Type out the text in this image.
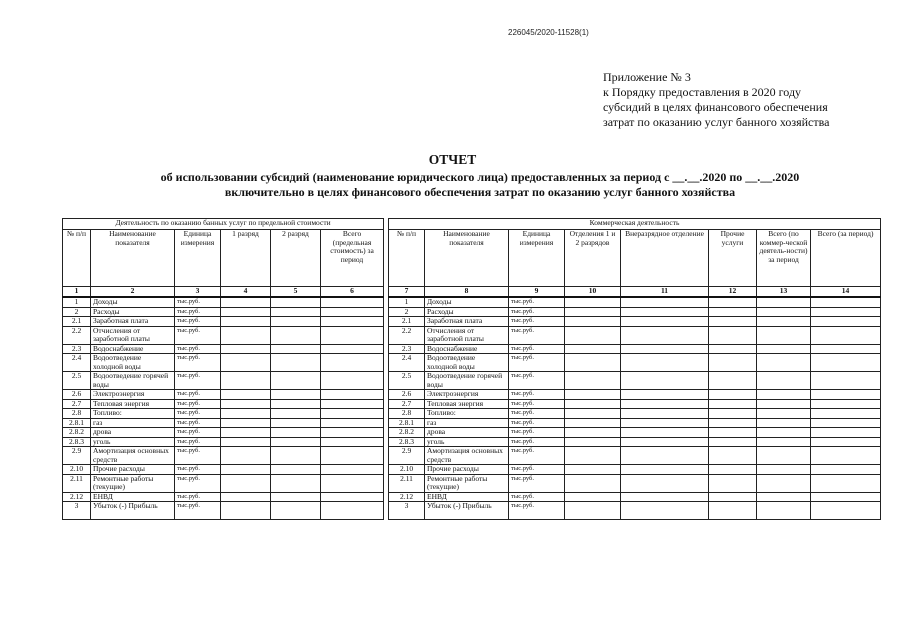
226045/2020-11528(1)
Приложение № 3
к Порядку предоставления в 2020 году
субсидий в целях финансового обеспечения
затрат по оказанию услуг банного хозяйства
ОТЧЕТ
об использовании субсидий (наименование юридического лица) предоставленных за период с __.__.2020 по __.__.2020
включительно в целях финансового обеспечения затрат по оказанию услуг банного хозяйства
Деятельность по оказанию банных услуг по предельной стоимости					
№ п/п	Наименование показателя	Единица измерения	1 разряд	2 разряд	Всего (предельная стоимость) за период
1	2	3	4	5	6
1	Доходы	тыс.руб.			
2	Расходы	тыс.руб.			
2.1	Заработная плата	тыс.руб.			
2.2	Отчисления от заработной платы	тыс.руб.			
2.3	Водоснабжение	тыс.руб.			
2.4	Водоотведение холодной воды	тыс.руб.			
2.5	Водоотведение горячей воды	тыс.руб.			
2.6	Электроэнергия	тыс.руб.			
2.7	Тепловая энергия	тыс.руб.			
2.8	Топливо:	тыс.руб.			
2.8.1	газ	тыс.руб.			
2.8.2	дрова	тыс.руб.			
2.8.3	уголь	тыс.руб.			
2.9	Амортизация основных средств	тыс.руб.			
2.10	Прочие расходы	тыс.руб.			
2.11	Ремонтные работы (текущие)	тыс.руб.			
2.12	ЕНВД	тыс.руб.			
3	Убыток (-) Прибыль	тыс.руб.			
Коммерческая деятельность							
№ п/п	Наименование показателя	Единица измерения	Отделения 1 и 2 разрядов	Внеразрядное отделение	Прочие услуги	Всего (по коммер-ческой деятель-ности) за период	Всего (за период)
7	8	9	10	11	12	13	14
1	Доходы	тыс.руб.					
2	Расходы	тыс.руб.					
2.1	Заработная плата	тыс.руб.					
2.2	Отчисления от заработной платы	тыс.руб.					
2.3	Водоснабжение	тыс.руб.					
2.4	Водоотведение холодной воды	тыс.руб.					
2.5	Водоотведение горячей воды	тыс.руб.					
2.6	Электроэнергия	тыс.руб.					
2.7	Тепловая энергия	тыс.руб.					
2.8	Топливо:	тыс.руб.					
2.8.1	газ	тыс.руб.					
2.8.2	дрова	тыс.руб.					
2.8.3	уголь	тыс.руб.					
2.9	Амортизация основных средств	тыс.руб.					
2.10	Прочие расходы	тыс.руб.					
2.11	Ремонтные работы (текущие)	тыс.руб.					
2.12	ЕНВД	тыс.руб.					
3	Убыток (-) Прибыль	тыс.руб.					
